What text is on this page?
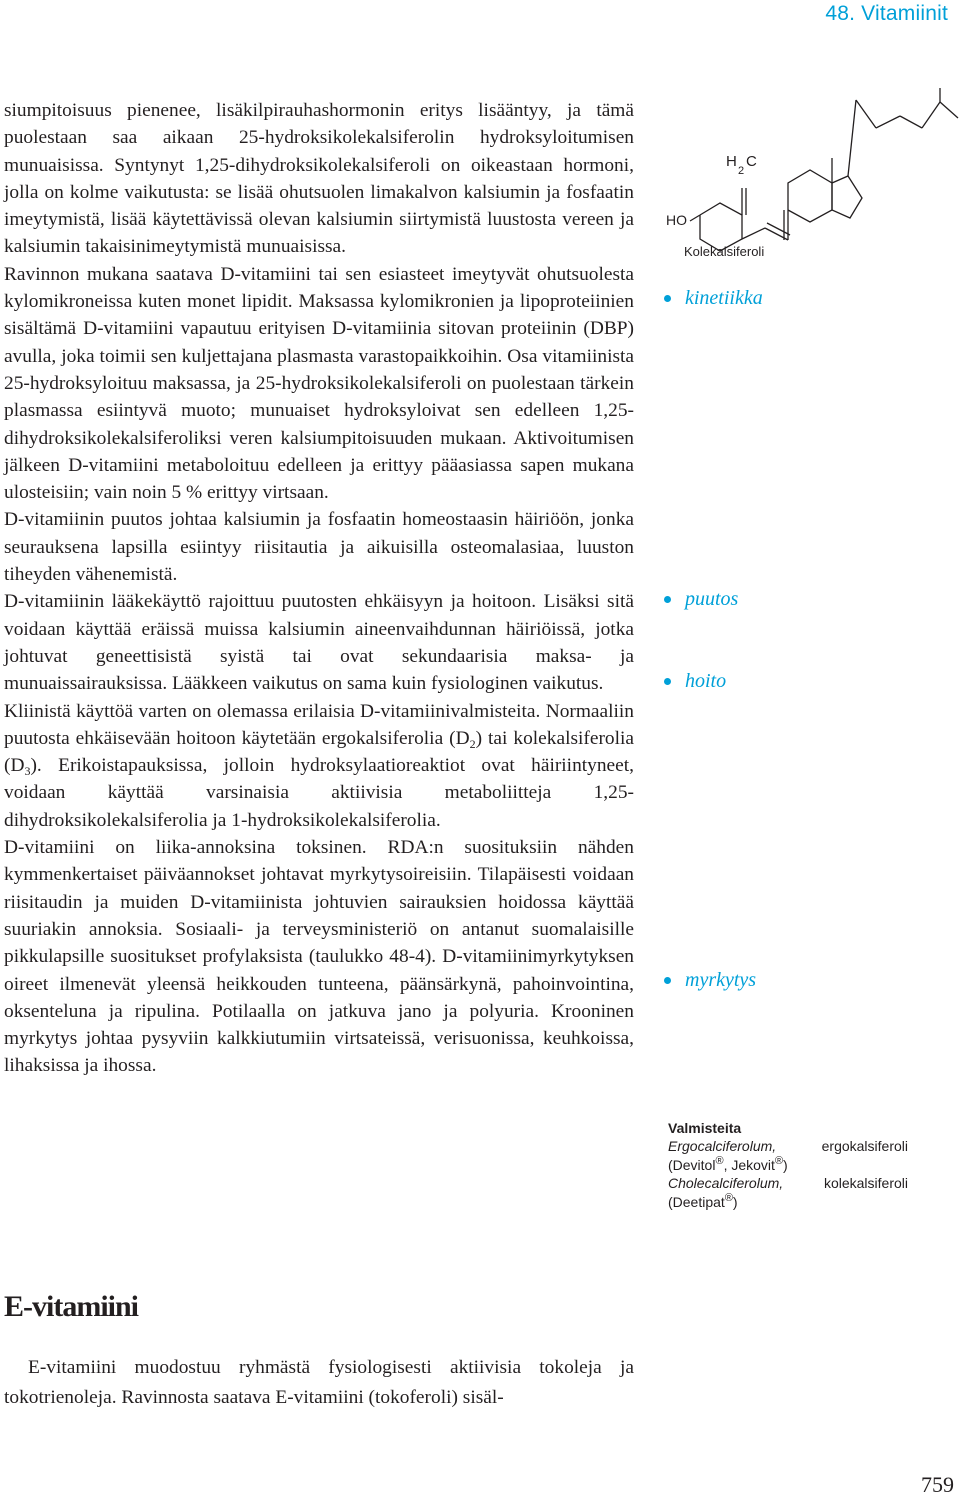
48. Vitamiinit

siumpitoisuus pienenee, lisäkilpirauhashormonin eritys lisääntyy, ja tämä puolestaan saa aikaan 25-hydroksikolekalsiferolin hydroksyloitumisen munuaisissa. Syntynyt 1,25-dihydroksikolekalsiferoli on oikeastaan hormoni, jolla on kolme vaikutusta: se lisää ohutsuolen limakalvon kalsiumin ja fosfaatin imeytymistä, lisää käytettävissä olevan kalsiumin siirtymistä luustosta vereen ja kalsiumin takaisinimeytymistä munuaisissa.

Ravinnon mukana saatava D-vitamiini tai sen esiasteet imeytyvät ohutsuolesta kylomikroneissa kuten monet lipidit. Maksassa kylomikronien ja lipoproteiinien sisältämä D-vitamiini vapautuu erityisen D-vitamiinia sitovan proteiinin (DBP) avulla, joka toimii sen kuljettajana plasmasta varastopaikkoihin. Osa vitamiinista 25-hydroksyloituu maksassa, ja 25-hydroksikolekalsiferoli on puolestaan tärkein plasmassa esiintyvä muoto; munuaiset hydroksyloivat sen edelleen 1,25-dihydroksikolekalsiferoliksi veren kalsiumpitoisuuden mukaan. Aktivoitumisen jälkeen D-vitamiini metaboloituu edelleen ja erittyy pääasiassa sapen mukana ulosteisiin; vain noin 5 % erittyy virtsaan.

D-vitamiinin puutos johtaa kalsiumin ja fosfaatin homeostaasin häiriöön, jonka seurauksena lapsilla esiintyy riisitautia ja aikuisilla osteomalasiaa, luuston tiheyden vähenemistä.

D-vitamiinin lääkekäyttö rajoittuu puutosten ehkäisyyn ja hoitoon. Lisäksi sitä voidaan käyttää eräissä muissa kalsiumin aineenvaihdunnan häiriöissä, jotka johtuvat geneettisistä syistä tai ovat sekundaarisia maksa- ja munuaissairauksissa. Lääkkeen vaikutus on sama kuin fysiologinen vaikutus.

Kliinistä käyttöä varten on olemassa erilaisia D-vitamiinivalmisteita. Normaaliin puutosta ehkäisevään hoitoon käytetään ergokalsiferolia $(D_2)$ tai kolekalsiferolia $(D_3)$. Erikoistapauksissa, jolloin hydroksylaatioreaktiot ovat häiriintyneet, voidaan käyttää varsinaisia aktiivisia metaboliitteja 1,25-dihydroksikolekalsiferolia ja 1-hydroksikolekalsiferolia.

D-vitamiini on liika-annoksina toksinen. RDA:n suosituksiin nähden kymmenkertaiset päiväannokset johtavat myrkytysoireisiin. Tilapäisesti voidaan riisitaudin ja muiden D-vitamiinista johtuvien sairauksien hoidossa käyttää suuriakin annoksia. Sosiaali- ja terveysministeriö on antanut suomalaisille pikkulapsille suositukset profylaksista (taulukko 48-4). D-vitamiinimyrkytyksen oireet ilmenevät yleensä heikkouden tunteena, päänsärkynä, pahoinvointina, oksenteluna ja ripulina. Potilaalla on jatkuva jano ja polyuria. Krooninen myrkytys johtaa pysyviin kalkkiutumiin virtsateissä, verisuonissa, keuhkoissa, lihaksissa ja ihossa.

HO
H
2
C
Kolekalsiferoli
kinetiikka
puutos
hoito
myrkytys
Valmisteita
Ergocalciferolum,	ergokalsiferoli
(Devitol®, Jekovit®)
Cholecalciferolum,	kolekalsiferoli
(Deetipat®)
E-vitamiini

E-vitamiini muodostuu ryhmästä fysiologisesti aktiivisia tokoleja ja tokotrienoleja. Ravinnosta saatava E-vitamiini (tokoferoli) sisäl-

759
